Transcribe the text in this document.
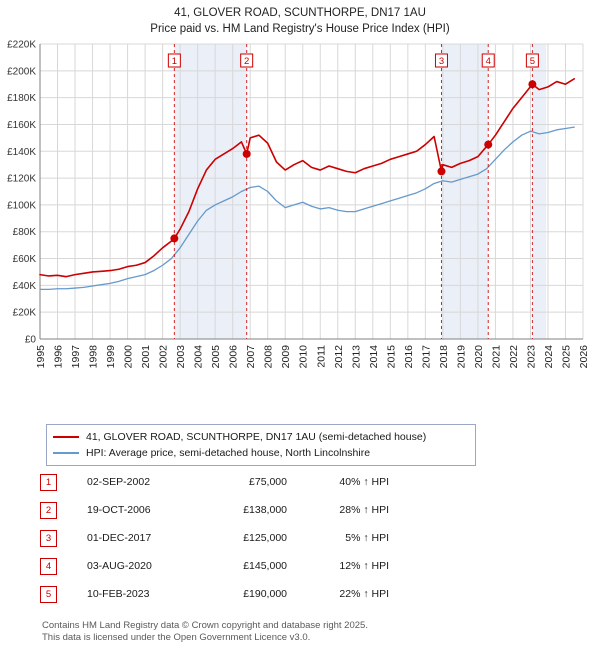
41, GLOVER ROAD, SCUNTHORPE, DN17 1AU
Price paid vs. HM Land Registry's House Price Index (HPI)
£0
£20K
£40K
£60K
£80K
£100K
£120K
£140K
£160K
£180K
£200K
£220K
1995 1996 1997 1998 1999 2000 2001 2002 2003 2004 2005 2006 2007 2008 2009 2010 2011 2012 2013 2014 2015 2016 2017 2018 2019 2020 2021 2022 2023 2024 2025 2026
1	2	3	4	5
41, GLOVER ROAD, SCUNTHORPE, DN17 1AU (semi-detached house)
HPI: Average price, semi-detached house, North Lincolnshire
1	02-SEP-2002	£75,000	40% ↑ HPI
2	19-OCT-2006	£138,000	28% ↑ HPI
3	01-DEC-2017	£125,000	5% ↑ HPI
4	03-AUG-2020	£145,000	12% ↑ HPI
5	10-FEB-2023	£190,000	22% ↑ HPI
Contains HM Land Registry data © Crown copyright and database right 2025.
This data is licensed under the Open Government Licence v3.0.
